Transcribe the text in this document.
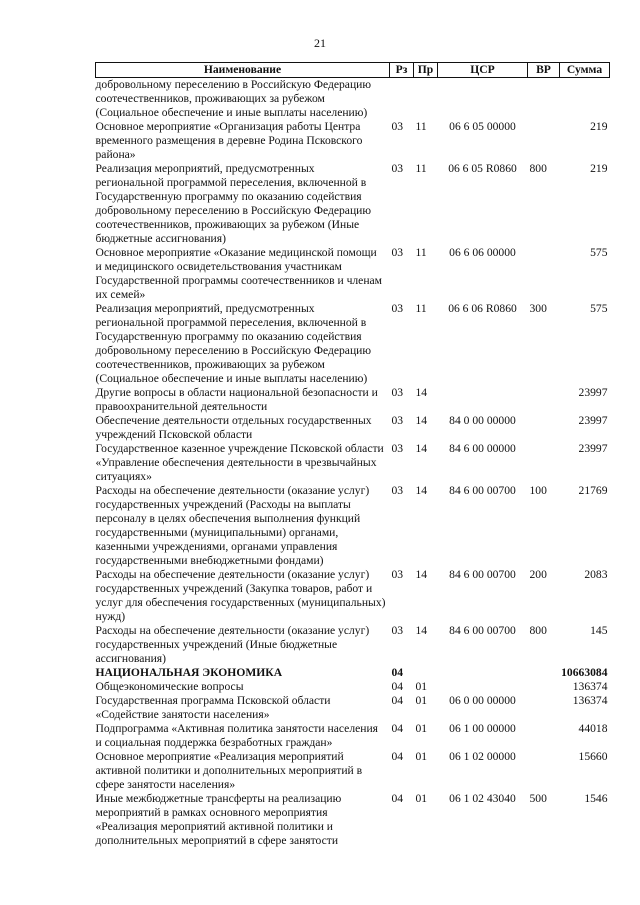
21
Наименование	Рз	Пр	ЦСР	ВР	Сумма
добровольному переселению в Российскую Федерацию соотечественников, проживающих за рубежом (Социальное обеспечение и иные выплаты населению)					
Основное мероприятие «Организация работы Центра временного размещения в деревне Родина Псковского района»	03	11	06 6 05 00000		219
Реализация мероприятий, предусмотренных региональной программой переселения, включенной в Государственную программу по оказанию содействия добровольному переселению в Российскую Федерацию соотечественников, проживающих за рубежом (Иные бюджетные ассигнования)	03	11	06 6 05 R0860	800	219
Основное мероприятие «Оказание медицинской помощи и медицинского освидетельствования участникам Государственной программы соотечественников и членам их семей»	03	11	06 6 06 00000		575
Реализация мероприятий, предусмотренных региональной программой переселения, включенной в Государственную программу по оказанию содействия добровольному переселению в Российскую Федерацию соотечественников, проживающих за рубежом (Социальное обеспечение и иные выплаты населению)	03	11	06 6 06 R0860	300	575
Другие вопросы в области национальной безопасности и правоохранительной деятельности	03	14			23997
Обеспечение деятельности отдельных государственных учреждений Псковской области	03	14	84 0 00 00000		23997
Государственное казенное учреждение Псковской области «Управление обеспечения деятельности в чрезвычайных ситуациях»	03	14	84 6 00 00000		23997
Расходы на обеспечение деятельности (оказание услуг) государственных учреждений (Расходы на выплаты персоналу в целях обеспечения выполнения функций государственными (муниципальными) органами, казенными учреждениями, органами управления государственными внебюджетными фондами)	03	14	84 6 00 00700	100	21769
Расходы на обеспечение деятельности (оказание услуг) государственных учреждений (Закупка товаров, работ и услуг для обеспечения государственных (муниципальных) нужд)	03	14	84 6 00 00700	200	2083
Расходы на обеспечение деятельности (оказание услуг) государственных учреждений (Иные бюджетные ассигнования)	03	14	84 6 00 00700	800	145
НАЦИОНАЛЬНАЯ ЭКОНОМИКА	04				10663084
Общеэкономические вопросы	04	01			136374
Государственная программа Псковской области «Содействие занятости населения»	04	01	06 0 00 00000		136374
Подпрограмма «Активная политика занятости населения и социальная поддержка безработных граждан»	04	01	06 1 00 00000		44018
Основное мероприятие «Реализация мероприятий активной политики и дополнительных мероприятий в сфере занятости населения»	04	01	06 1 02 00000		15660
Иные межбюджетные трансферты на реализацию мероприятий в рамках основного мероприятия «Реализация мероприятий активной политики и дополнительных мероприятий в сфере занятости	04	01	06 1 02 43040	500	1546
